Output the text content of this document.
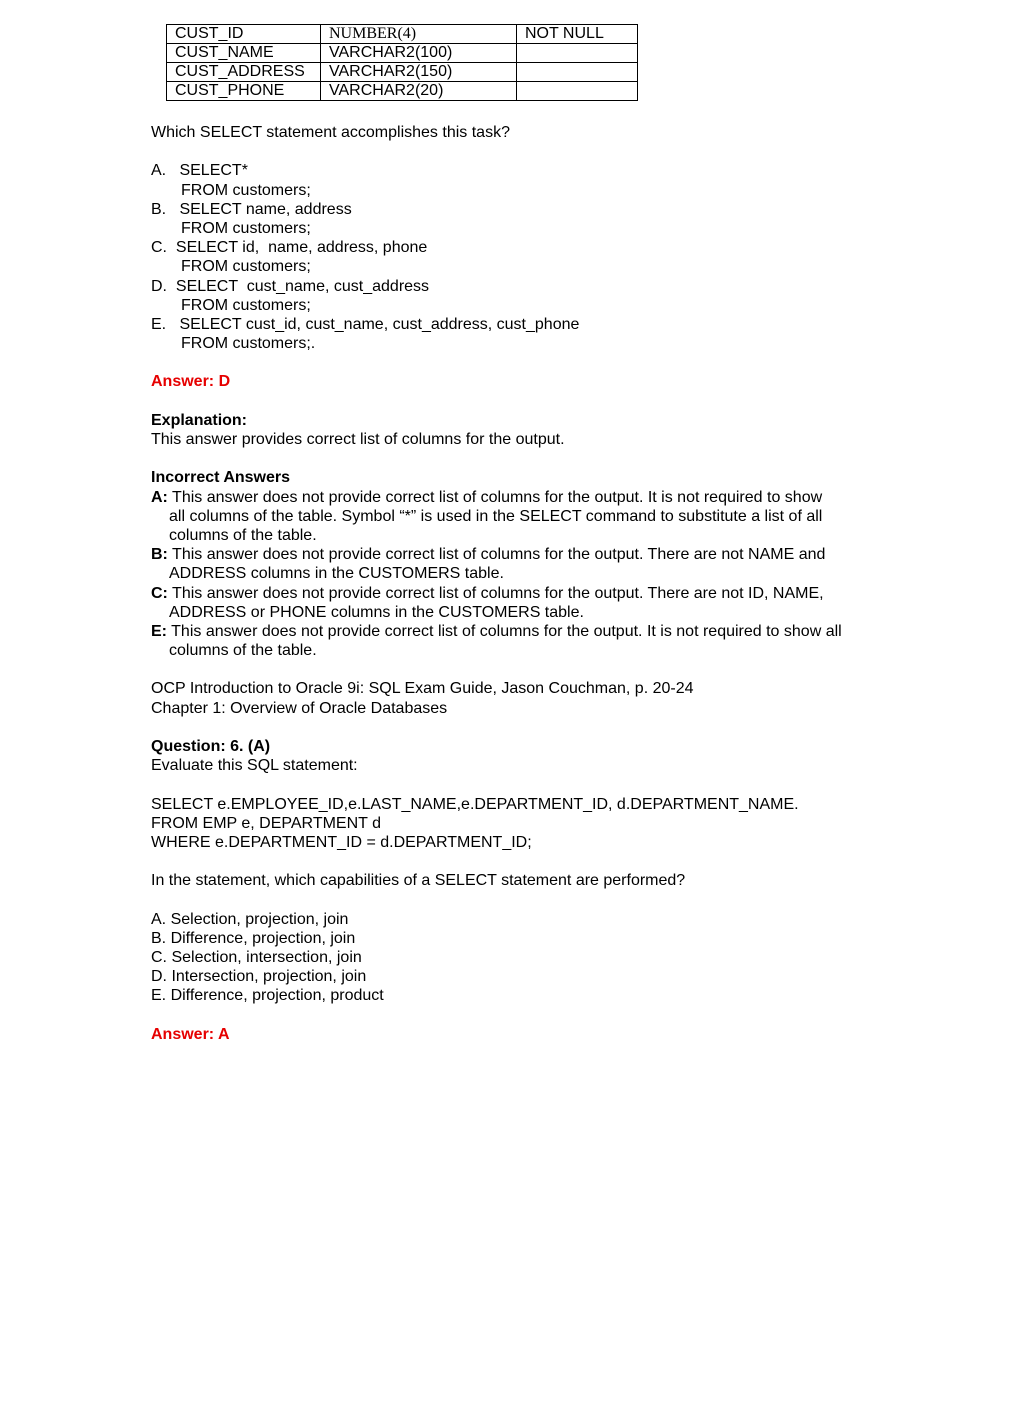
CUST_ID	NUMBER(4)	NOT NULL
CUST_NAME	VARCHAR2(100)	
CUST_ADDRESS	VARCHAR2(150)	
CUST_PHONE	VARCHAR2(20)	
Which SELECT statement accomplishes this task?
A.   SELECT*
FROM customers;
B.   SELECT name, address
FROM customers;
C.  SELECT id,  name, address, phone
FROM customers;
D.  SELECT  cust_name, cust_address
FROM customers;
E.   SELECT cust_id, cust_name, cust_address, cust_phone
FROM customers;.
Answer: D
Explanation:
This answer provides correct list of columns for the output.
Incorrect Answers
A: This answer does not provide correct list of columns for the output. It is not required to show
all columns of the table. Symbol “*” is used in the SELECT command to substitute a list of all
columns of the table.
B: This answer does not provide correct list of columns for the output. There are not NAME and
ADDRESS columns in the CUSTOMERS table.
C: This answer does not provide correct list of columns for the output. There are not ID, NAME,
ADDRESS or PHONE columns in the CUSTOMERS table.
E: This answer does not provide correct list of columns for the output. It is not required to show all
columns of the table.
OCP Introduction to Oracle 9i: SQL Exam Guide, Jason Couchman, p. 20-24
Chapter 1: Overview of Oracle Databases
Question: 6. (A)
Evaluate this SQL statement:
SELECT e.EMPLOYEE_ID,e.LAST_NAME,e.DEPARTMENT_ID, d.DEPARTMENT_NAME.
FROM EMP e, DEPARTMENT d
WHERE e.DEPARTMENT_ID = d.DEPARTMENT_ID;
In the statement, which capabilities of a SELECT statement are performed?
A. Selection, projection, join
B. Difference, projection, join
C. Selection, intersection, join
D. Intersection, projection, join
E. Difference, projection, product
Answer: A
